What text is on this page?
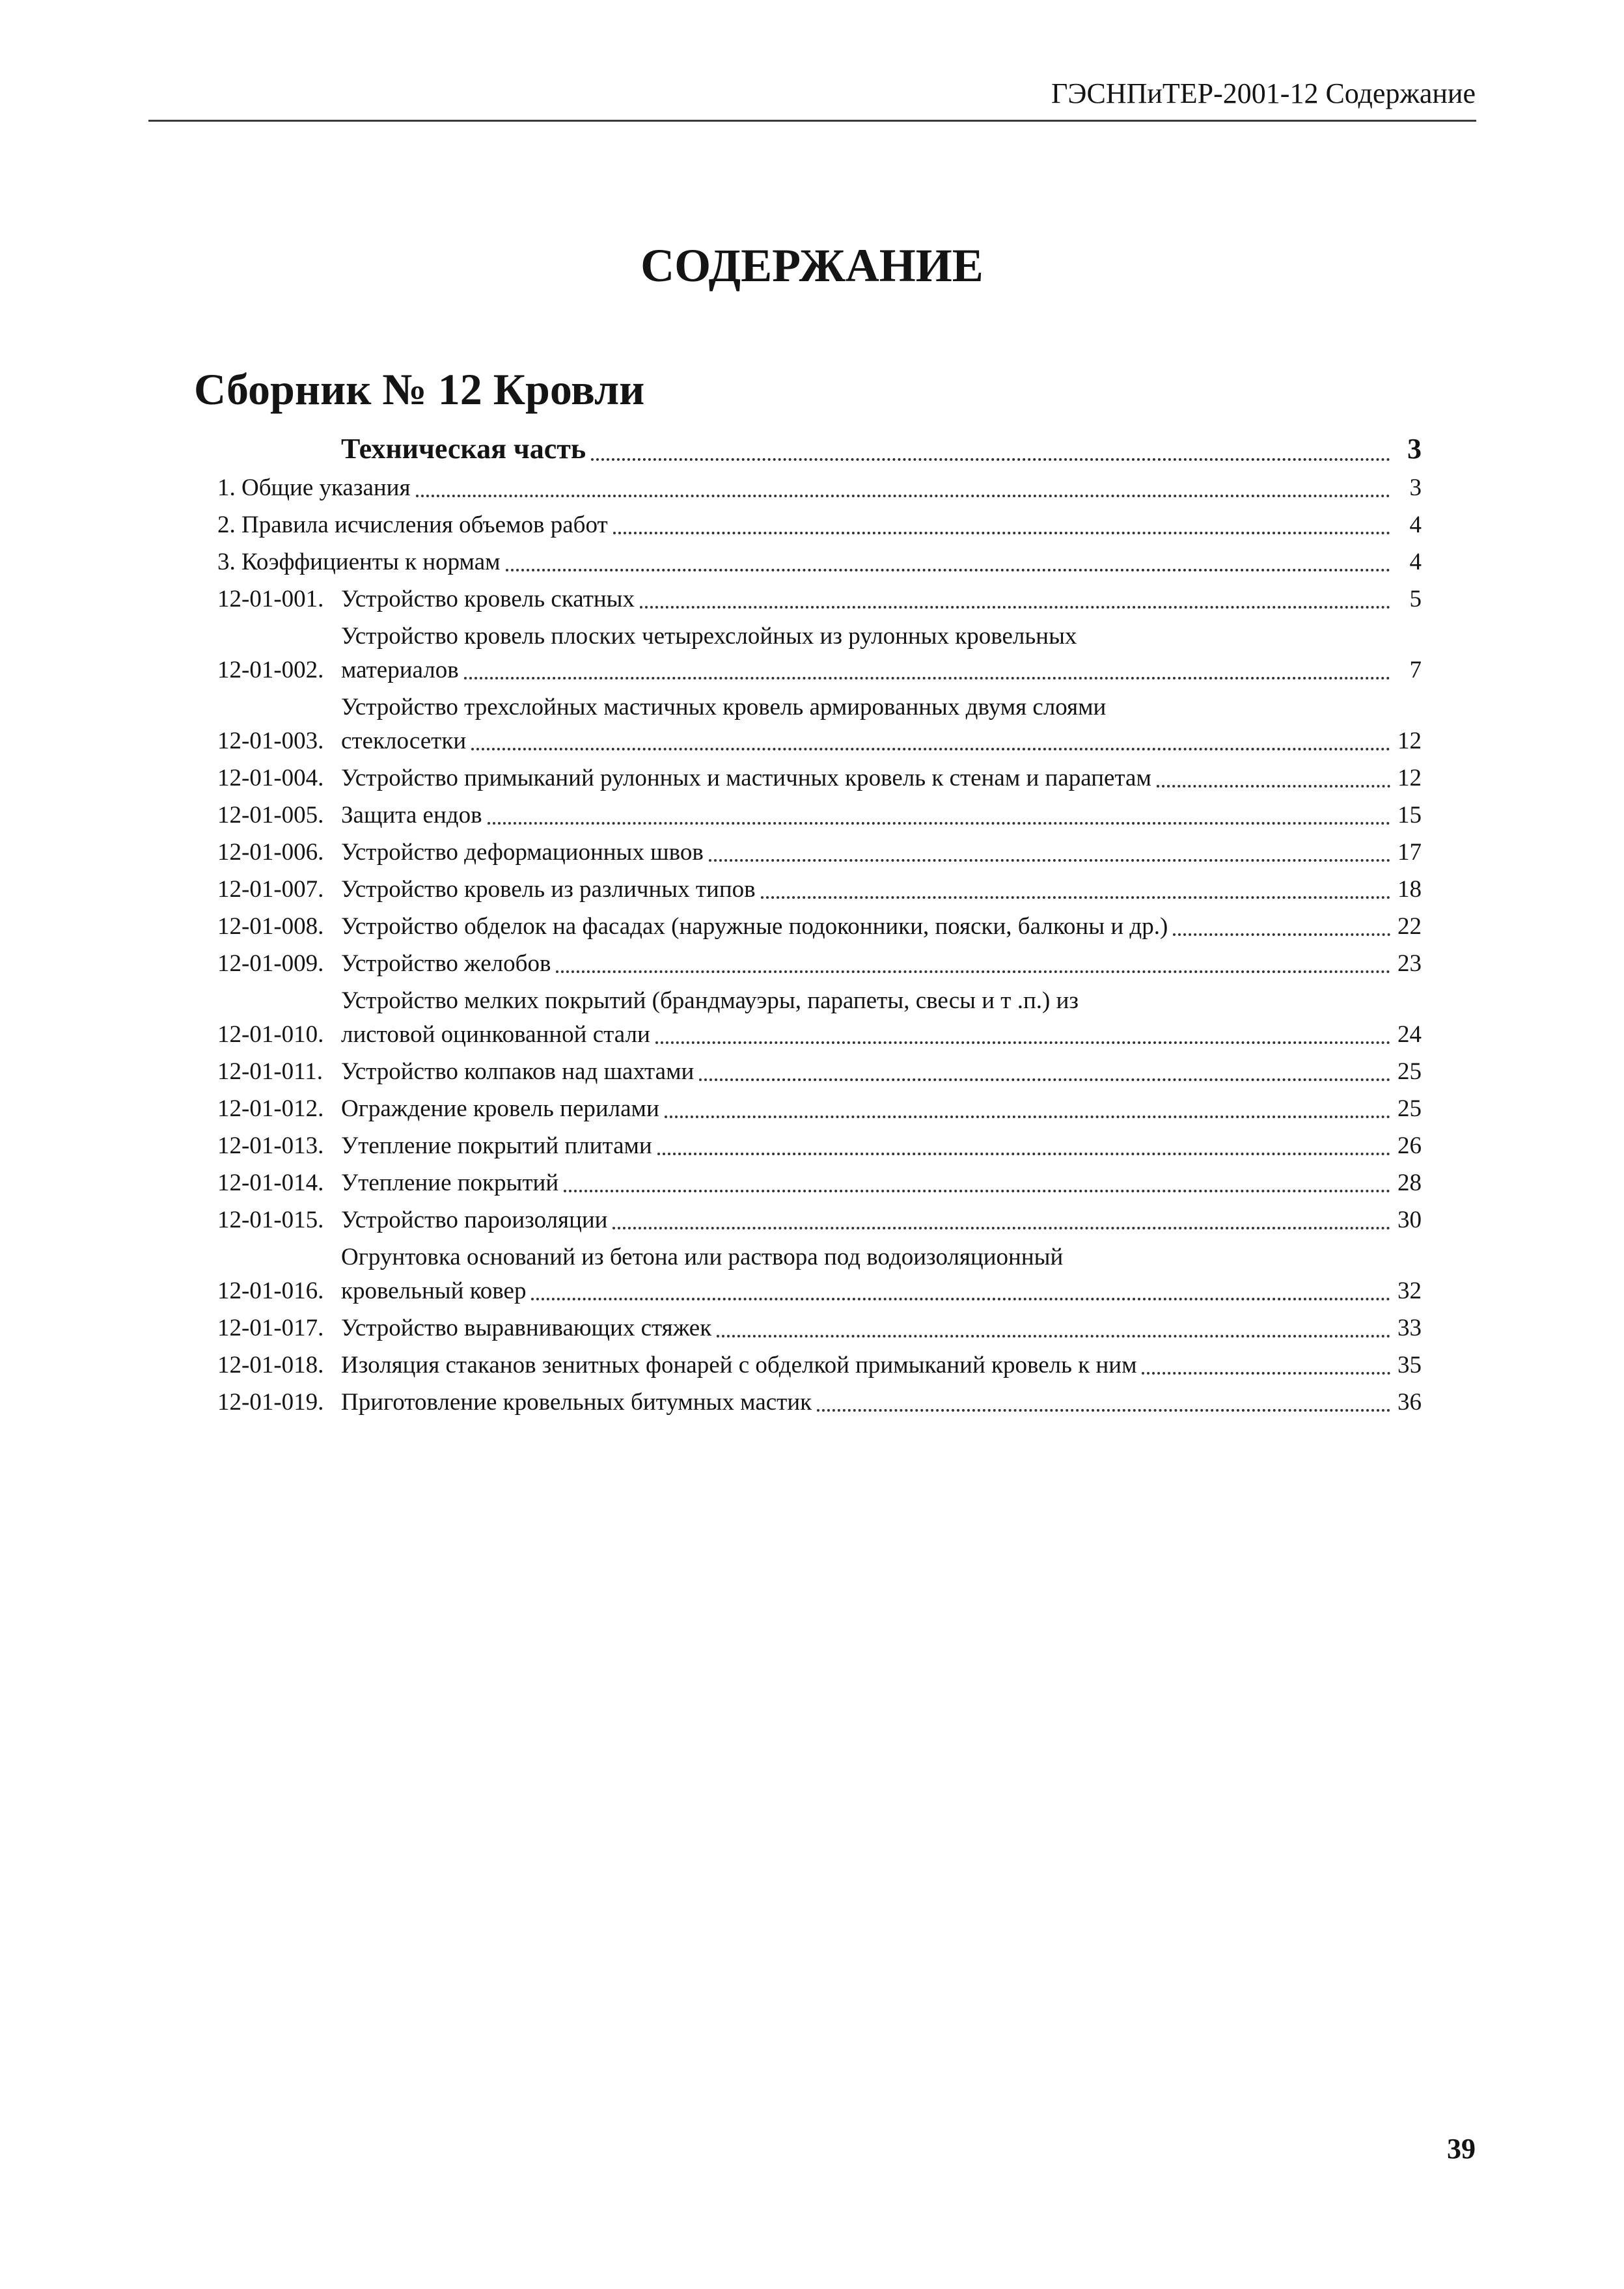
ГЭСНПиТЕР-2001-12 Содержание
СОДЕРЖАНИЕ
Сборник № 12 Кровли
Техническая часть	3
1. Общие указания	3
2. Правила исчисления объемов работ	4
3. Коэффициенты к нормам	4
12-01-001. Устройство кровель скатных	5
12-01-002.
Устройство кровель плоских четырехслойных из рулонных кровельных
материалов	7
12-01-003.
Устройство трехслойных мастичных кровель армированных двумя слоями
стеклосетки	12
12-01-004. Устройство примыканий рулонных и мастичных кровель к стенам и парапетам	12
12-01-005. Защита ендов	15
12-01-006. Устройство деформационных швов	17
12-01-007. Устройство кровель из различных типов	18
12-01-008. Устройство обделок на фасадах (наружные подоконники, пояски, балконы и др.)	22
12-01-009. Устройство желобов	23
12-01-010.
Устройство мелких покрытий (брандмауэры, парапеты, свесы и т .п.) из
листовой оцинкованной стали	24
12-01-011. Устройство колпаков над шахтами	25
12-01-012. Ограждение кровель перилами	25
12-01-013. Утепление покрытий плитами	26
12-01-014. Утепление покрытий	28
12-01-015. Устройство пароизоляции	30
12-01-016.
Огрунтовка оснований из бетона или раствора под водоизоляционный
кровельный ковер	32
12-01-017. Устройство выравнивающих стяжек	33
12-01-018. Изоляция стаканов зенитных фонарей с обделкой примыканий кровель к ним	35
12-01-019. Приготовление кровельных битумных мастик	36
39
